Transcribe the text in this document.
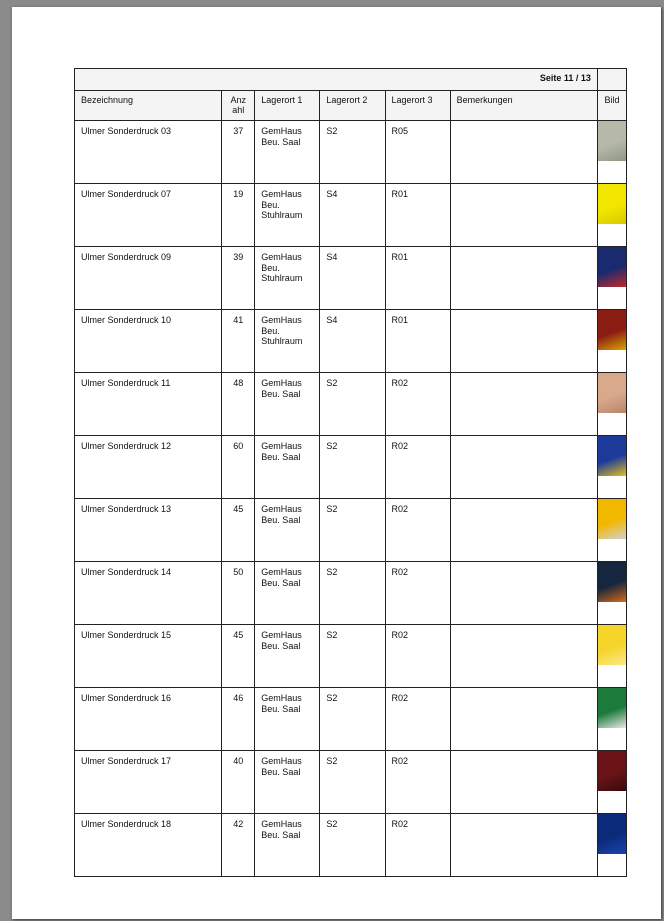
Seite 11 / 13						
Bezeichnung	Anz
ahl	Lagerort 1	Lagerort 2	Lagerort 3	Bemerkungen	Bild
Ulmer Sonderdruck 03	37	GemHaus
Beu. Saal	S2	R05		

Ulmer Sonderdruck 07	19	GemHaus
Beu.
Stuhlraum	S4	R01		

Ulmer Sonderdruck 09	39	GemHaus
Beu.
Stuhlraum	S4	R01		

Ulmer Sonderdruck 10	41	GemHaus
Beu.
Stuhlraum	S4	R01		

Ulmer Sonderdruck 11	48	GemHaus
Beu. Saal	S2	R02		

Ulmer Sonderdruck 12	60	GemHaus
Beu. Saal	S2	R02		

Ulmer Sonderdruck 13	45	GemHaus
Beu. Saal	S2	R02		

Ulmer Sonderdruck 14	50	GemHaus
Beu. Saal	S2	R02		

Ulmer Sonderdruck 15	45	GemHaus
Beu. Saal	S2	R02		

Ulmer Sonderdruck 16	46	GemHaus
Beu. Saal	S2	R02		

Ulmer Sonderdruck 17	40	GemHaus
Beu. Saal	S2	R02		

Ulmer Sonderdruck 18	42	GemHaus
Beu. Saal	S2	R02		
